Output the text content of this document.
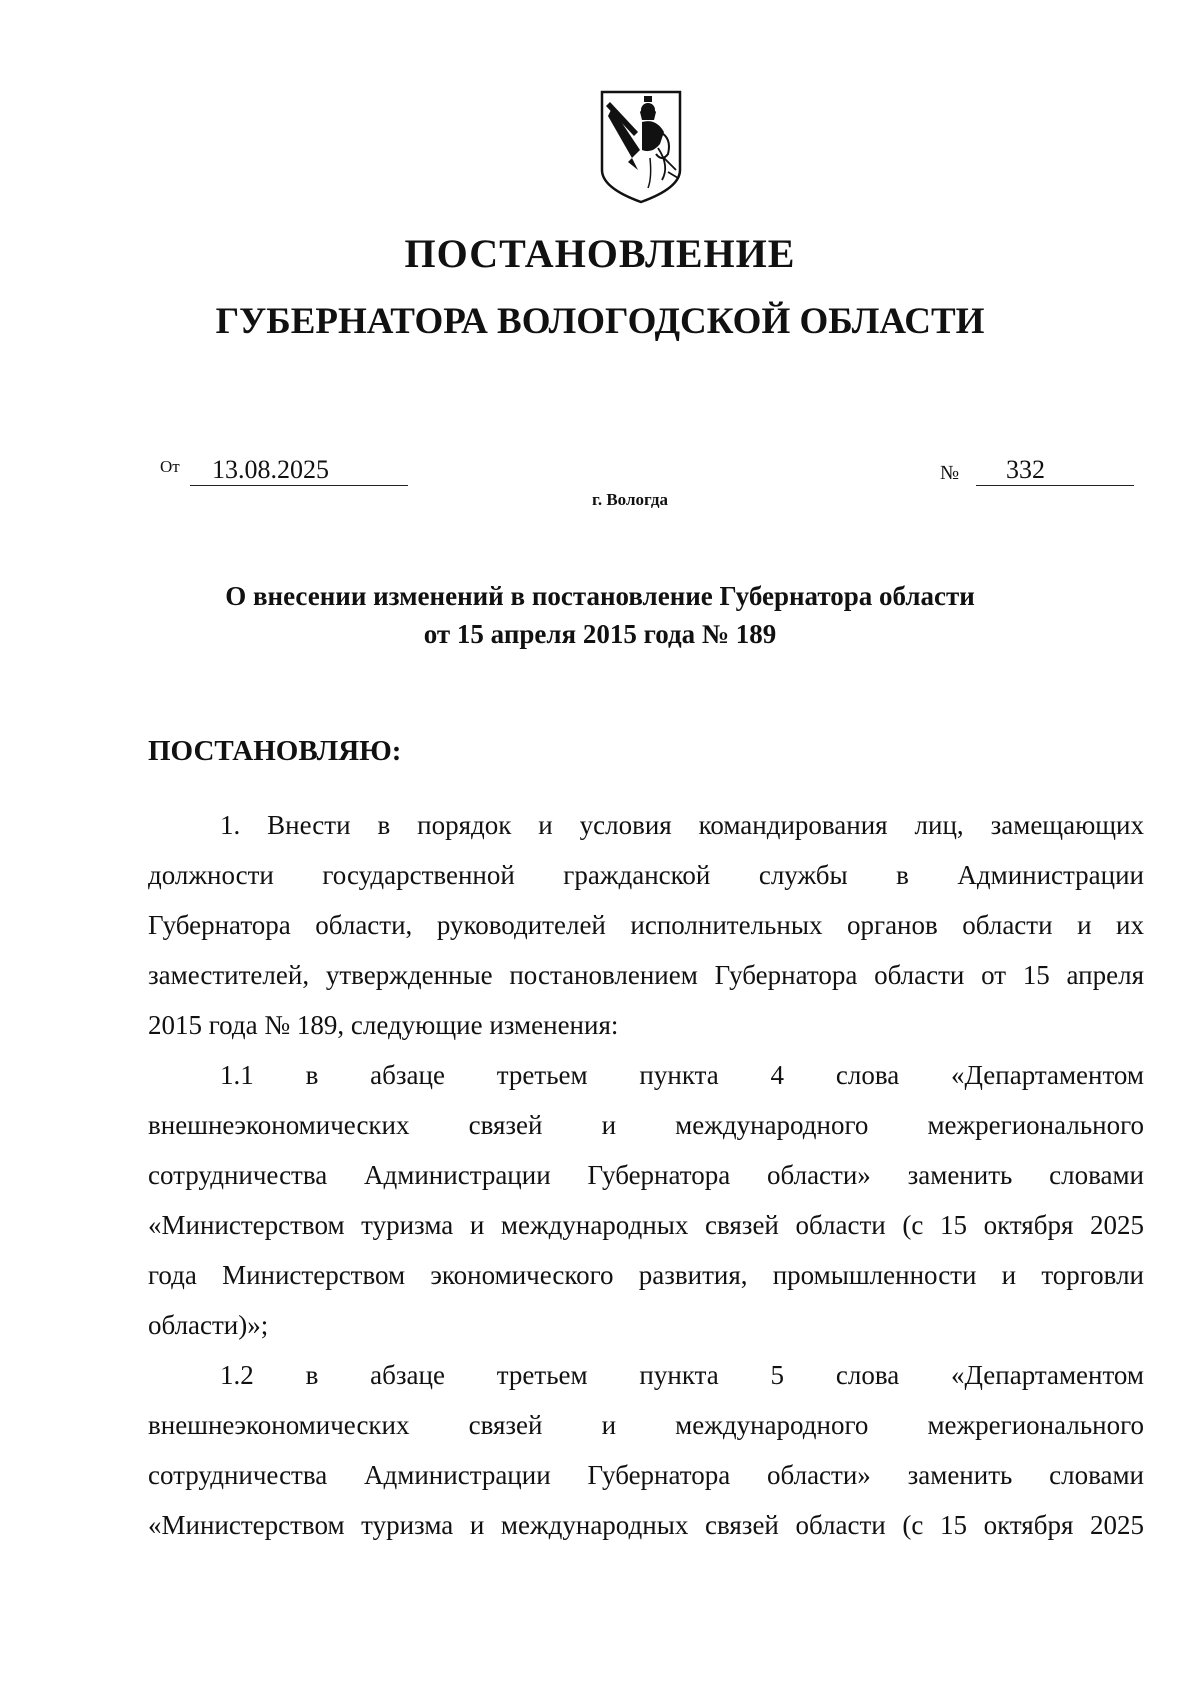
ПОСТАНОВЛЕНИЕ
ГУБЕРНАТОРА ВОЛОГОДСКОЙ ОБЛАСТИ
От	13.08.2025	№	332
г. Вологда
О внесении изменений в постановление Губернатора области
от 15 апреля 2015 года № 189

ПОСТАНОВЛЯЮ:

1. Внести в порядок и условия командирования лиц, замещающих
должности государственной гражданской службы в Администрации
Губернатора области, руководителей исполнительных органов области и их
заместителей, утвержденные постановлением Губернатора области от 15 апреля
2015 года № 189, следующие изменения:
1.1 в абзаце третьем пункта 4 слова «Департаментом
внешнеэкономических связей и международного межрегионального
сотрудничества Администрации Губернатора области» заменить словами
«Министерством туризма и международных связей области (с 15 октября 2025
года Министерством экономического развития, промышленности и торговли
области)»;
1.2 в абзаце третьем пункта 5 слова «Департаментом
внешнеэкономических связей и международного межрегионального
сотрудничества Администрации Губернатора области» заменить словами
«Министерством туризма и международных связей области (с 15 октября 2025
